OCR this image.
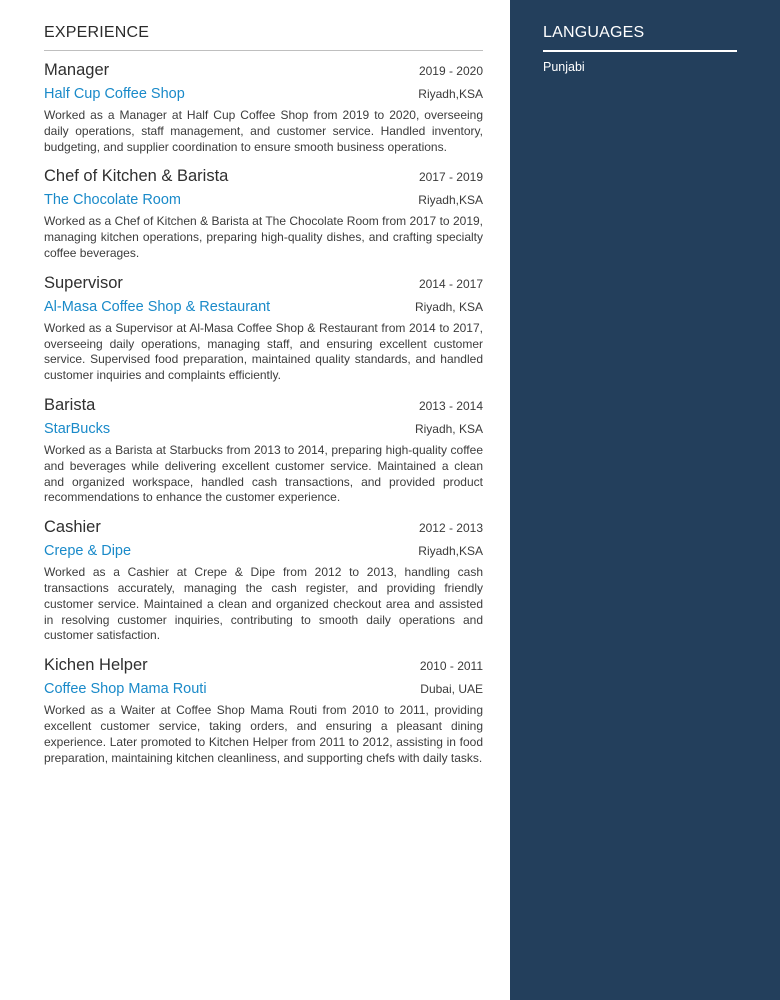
EXPERIENCE
Manager	2019 - 2020
Half Cup Coffee Shop	Riyadh,KSA
Worked as a Manager at Half Cup Coffee Shop from 2019 to 2020, overseeing daily operations, staff management, and customer service. Handled inventory, budgeting, and supplier coordination to ensure smooth business operations.
Chef of Kitchen & Barista	2017 - 2019
The Chocolate Room	Riyadh,KSA
Worked as a Chef of Kitchen & Barista at The Chocolate Room from 2017 to 2019, managing kitchen operations, preparing high-quality dishes, and crafting specialty coffee beverages.
Supervisor	2014 - 2017
Al-Masa Coffee Shop & Restaurant	Riyadh, KSA
Worked as a Supervisor at Al-Masa Coffee Shop & Restaurant from 2014 to 2017, overseeing daily operations, managing staff, and ensuring excellent customer service. Supervised food preparation, maintained quality standards, and handled customer inquiries and complaints efficiently.
Barista	2013 - 2014
StarBucks	Riyadh, KSA
Worked as a Barista at Starbucks from 2013 to 2014, preparing high-quality coffee and beverages while delivering excellent customer service. Maintained a clean and organized workspace, handled cash transactions, and provided product recommendations to enhance the customer experience.
Cashier	2012 - 2013
Crepe & Dipe	Riyadh,KSA
Worked as a Cashier at Crepe & Dipe from 2012 to 2013, handling cash transactions accurately, managing the cash register, and providing friendly customer service. Maintained a clean and organized checkout area and assisted in resolving customer inquiries, contributing to smooth daily operations and customer satisfaction.
Kichen Helper	2010 - 2011
Coffee Shop Mama Routi	Dubai, UAE
Worked as a Waiter at Coffee Shop Mama Routi from 2010 to 2011, providing excellent customer service, taking orders, and ensuring a pleasant dining experience. Later promoted to Kitchen Helper from 2011 to 2012, assisting in food preparation, maintaining kitchen cleanliness, and supporting chefs with daily tasks.
LANGUAGES
Punjabi
